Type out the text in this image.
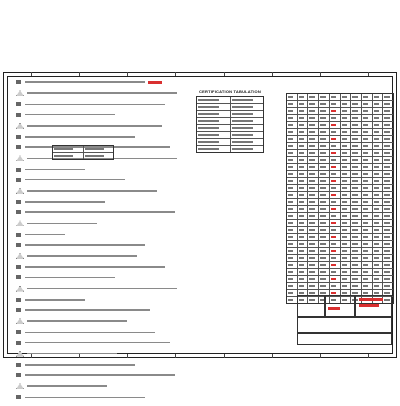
CERTIFICATION TABULATION
